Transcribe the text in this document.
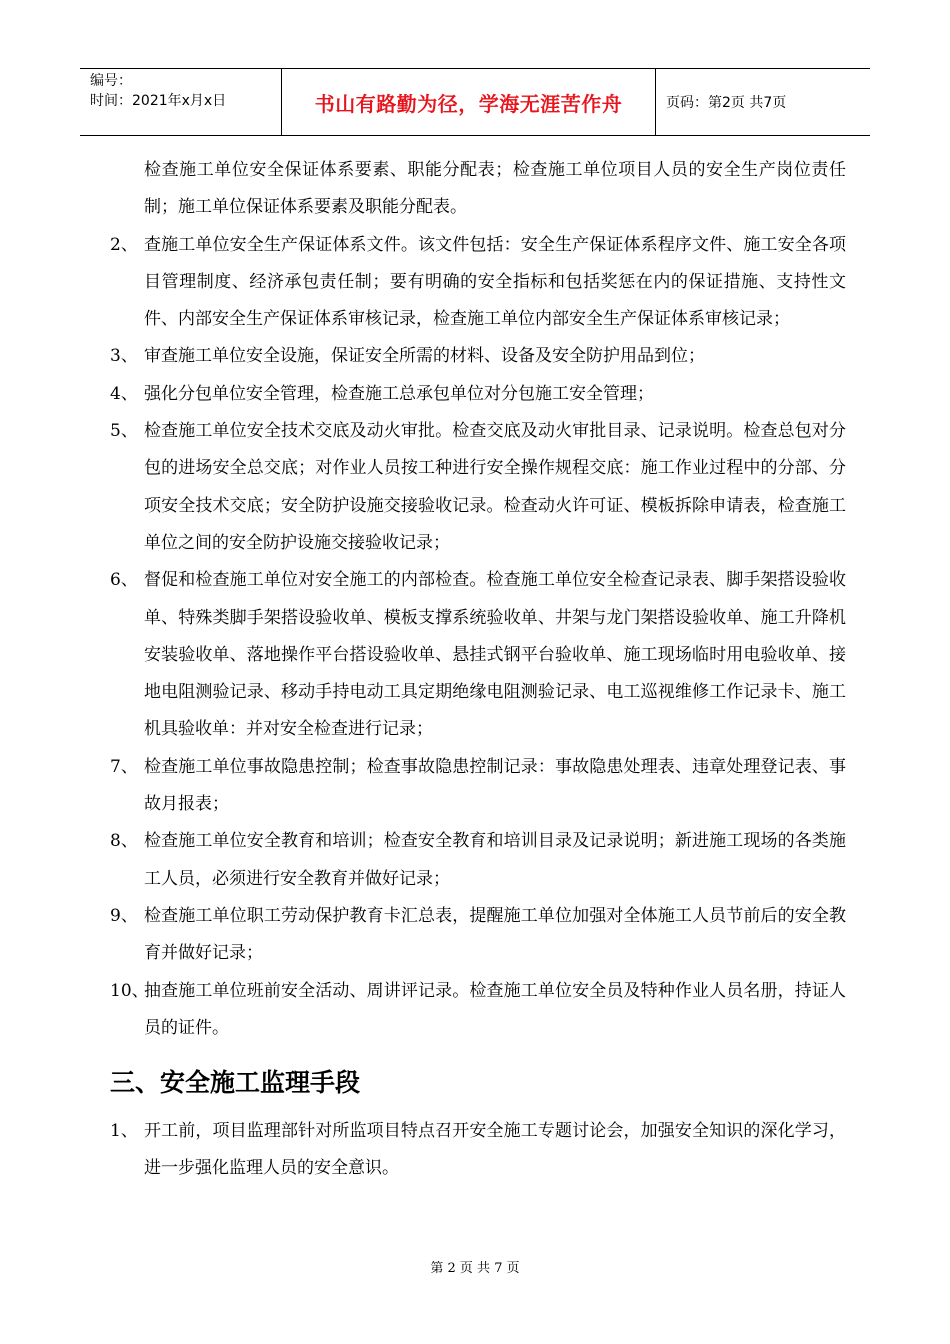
编号：
时间：2021年x月x日	书山有路勤为径，学海无涯苦作舟	页码：第2页 共7页
检查施工单位安全保证体系要素、职能分配表；检查施工单位项目人员的安全生产岗位责任制；施工单位保证体系要素及职能分配表。
2、 查施工单位安全生产保证体系文件。该文件包括：安全生产保证体系程序文件、施工安全各项目管理制度、经济承包责任制；要有明确的安全指标和包括奖惩在内的保证措施、支持性文件、内部安全生产保证体系审核记录，检查施工单位内部安全生产保证体系审核记录；
3、 审查施工单位安全设施，保证安全所需的材料、设备及安全防护用品到位；
4、 强化分包单位安全管理，检查施工总承包单位对分包施工安全管理；
5、 检查施工单位安全技术交底及动火审批。检查交底及动火审批目录、记录说明。检查总包对分包的进场安全总交底；对作业人员按工种进行安全操作规程交底：施工作业过程中的分部、分项安全技术交底；安全防护设施交接验收记录。检查动火许可证、模板拆除申请表，检查施工单位之间的安全防护设施交接验收记录；
6、 督促和检查施工单位对安全施工的内部检查。检查施工单位安全检查记录表、脚手架搭设验收单、特殊类脚手架搭设验收单、模板支撑系统验收单、井架与龙门架搭设验收单、施工升降机安装验收单、落地操作平台搭设验收单、悬挂式钢平台验收单、施工现场临时用电验收单、接地电阻测验记录、移动手持电动工具定期绝缘电阻测验记录、电工巡视维修工作记录卡、施工机具验收单：并对安全检查进行记录；
7、 检查施工单位事故隐患控制；检查事故隐患控制记录：事故隐患处理表、违章处理登记表、事故月报表；
8、 检查施工单位安全教育和培训；检查安全教育和培训目录及记录说明；新进施工现场的各类施工人员，必须进行安全教育并做好记录；
9、 检查施工单位职工劳动保护教育卡汇总表，提醒施工单位加强对全体施工人员节前后的安全教育并做好记录；
10、
抽查施工单位班前安全活动、周讲评记录。检查施工单位安全员及特种作业人员名册，持证人员的证件。
三、安全施工监理手段
1、 开工前，项目监理部针对所监项目特点召开安全施工专题讨论会，加强安全知识的深化学习，进一步强化监理人员的安全意识。
第 2 页 共 7 页
